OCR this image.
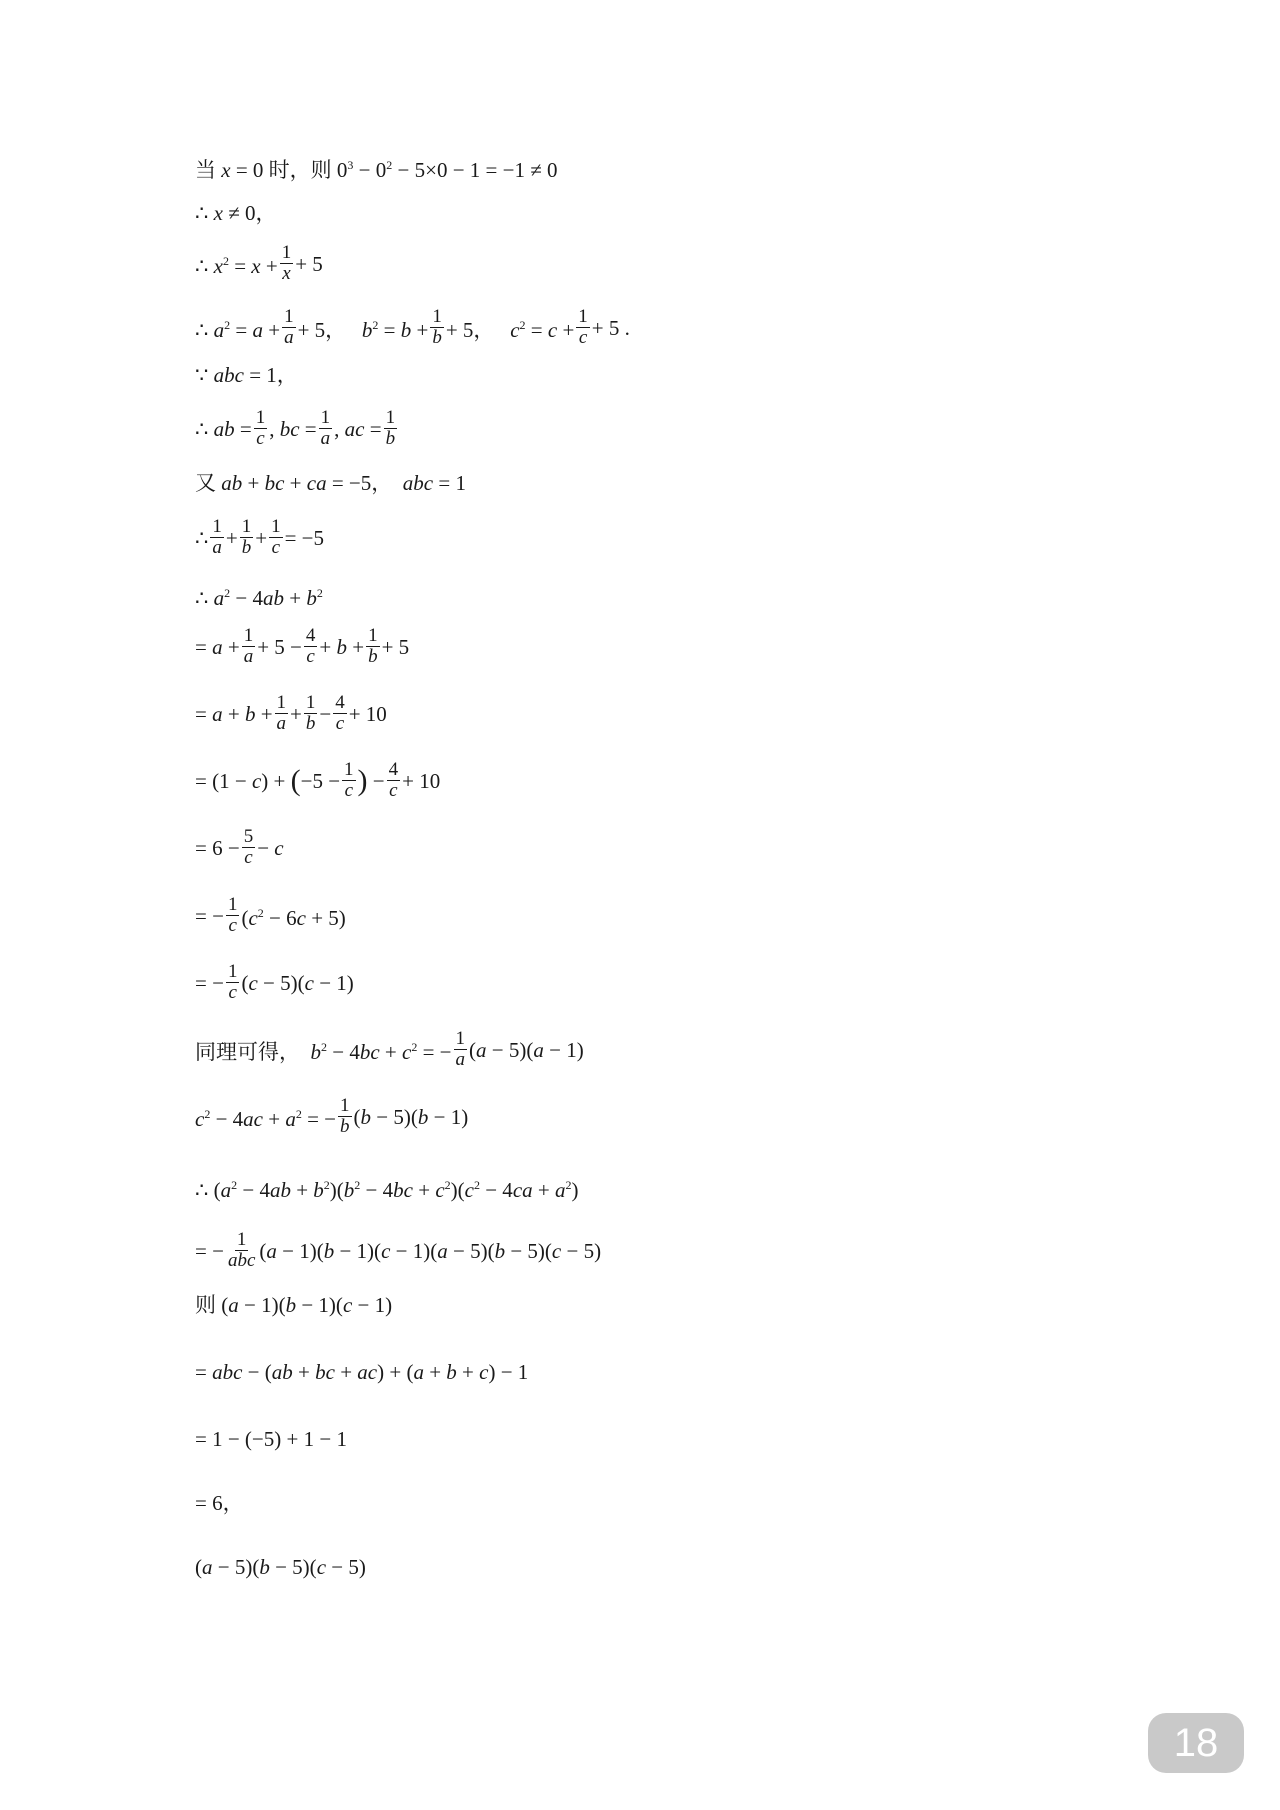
当 x = 0 时，则 $0^3 - 0^2 - 5\times 0 - 1 = -1 \ne 0$
∴ x ≠ 0，
∴ $x^2 = x + \frac{1}{x} + 5$
∴ $a^2 = a + \frac{1}{a} + 5$，   $b^2 = b + \frac{1}{b} + 5$，   $c^2 = c + \frac{1}{c} + 5$ .
∵ abc = 1，
∴ ab = $\frac{1}{c}$ , bc = $\frac{1}{a}$ , ac = $\frac{1}{b}$
又 ab + bc + ca = −5，  abc = 1
∴ $\frac{1}{a} + \frac{1}{b} + \frac{1}{c} = -5$
∴ $a^2 - 4ab + b^2$
= $a + \frac{1}{a} + 5 - \frac{4}{c} + b + \frac{1}{b} + 5$
= $a + b + \frac{1}{a} + \frac{1}{b} - \frac{4}{c} + 10$
= $(1 - c) + (-5 - \frac{1}{c}$ ) − $\frac{4}{c} + 10$
= $6 - \frac{5}{c} - c$
= − $\frac{1}{c} (c^2 - 6c + 5)$
= − $\frac{1}{c} (c - 5)(c - 1)$
同理可得，  $b^2 - 4bc + c^2$ = − $\frac{1}{a} (a - 5)(a - 1)$
$c^2 - 4ac + a^2$ = − $\frac{1}{b} (b - 5)(b - 1)$
∴ $(a^2 - 4ab + b^2)(b^2 - 4bc + c^2)(c^2 - 4ca + a^2)$
= − $\frac{1}{\text{abc}} (a - 1)(b - 1)(c - 1)(a - 5)(b - 5)(c - 5)$
则 (a − 1)(b − 1)(c − 1)
= abc − (ab + bc + ac) + (a + b + c) − 1
= 1 − (−5) + 1 − 1
= 6，
(a − 5)(b − 5)(c − 5)
18
